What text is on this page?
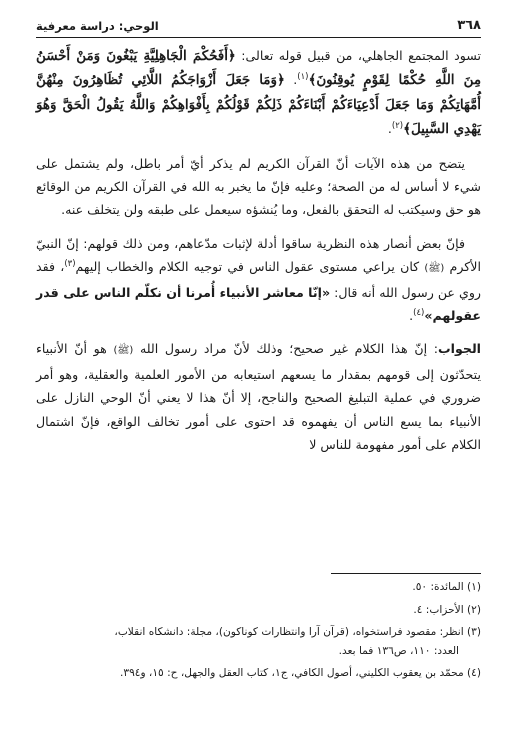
٣٦٨
الوحي: دراسة معرفية

تسود المجتمع الجاهلي، من قبيل قوله تعالى: ﴿أَفَحُكْمَ الْجَاهِلِيَّةِ يَبْغُونَ وَمَنْ أَحْسَنُ مِنَ اللَّهِ حُكْمًا لِقَوْمٍ يُوقِنُونَ﴾$^{(١)}$. ﴿وَمَا جَعَلَ أَزْوَاجَكُمُ اللَّائِي تُظَاهِرُونَ مِنْهُنَّ أُمَّهَاتِكُمْ وَمَا جَعَلَ أَدْعِيَاءَكُمْ أَبْنَاءَكُمْ ذَلِكُمْ قَوْلُكُمْ بِأَفْوَاهِكُمْ وَاللَّهُ يَقُولُ الْحَقَّ وَهُوَ يَهْدِي السَّبِيلَ﴾$^{(٢)}$.

يتضح من هذه الآيات أنّ القرآن الكريم لم يذكر أيّ أمر باطل، ولم يشتمل على شيء لا أساس له من الصحة؛ وعليه فإنّ ما يخبر به الله في القرآن الكريم من الوقائع هو حق وسيكتب له التحقق بالفعل، وما يُنشؤه سيعمل على طبقه ولن يتخلف عنه.

فإنّ بعض أنصار هذه النظرية ساقوا أدلة لإثبات مدّعاهم، ومن ذلك قولهم: إنّ النبيّ الأكرم (ﷺ) كان يراعي مستوى عقول الناس في توجيه الكلام والخطاب إليهم$^{(٣)}$، فقد روي عن رسول الله أنه قال: «إنّا معاشر الأنبياء أُمرنا أن نكلّم الناس على قدر عقولهم»$^{(٤)}$.

الجواب: إنّ هذا الكلام غير صحيح؛ وذلك لأنّ مراد رسول الله (ﷺ) هو أنّ الأنبياء يتحدّثون إلى قومهم بمقدار ما يسعهم استيعابه من الأمور العلمية والعقلية، وهو أمر ضروري في عملية التبليغ الصحيح والناجح، إلا أنّ هذا لا يعني أنّ الوحي النازل على الأنبياء بما يسع الناس أن يفهموه قد احتوى على أمور تخالف الواقع، فإنّ اشتمال الكلام على أمور مفهومة للناس لا

(١) المائدة: ٥٠.

(٢) الأحزاب: ٤.

(٣) انظر: مقصود فراستخواه، (قرآن آرا وانتظارات كوناكون)، مجلة: دانشكاه انقلاب،

العدد: ١١٠، ص١٣٦ فما بعد.

(٤) محمّد بن يعقوب الكليني، أصول الكافي، ج١، كتاب العقل والجهل، ح: ١٥، و٣٩٤.
